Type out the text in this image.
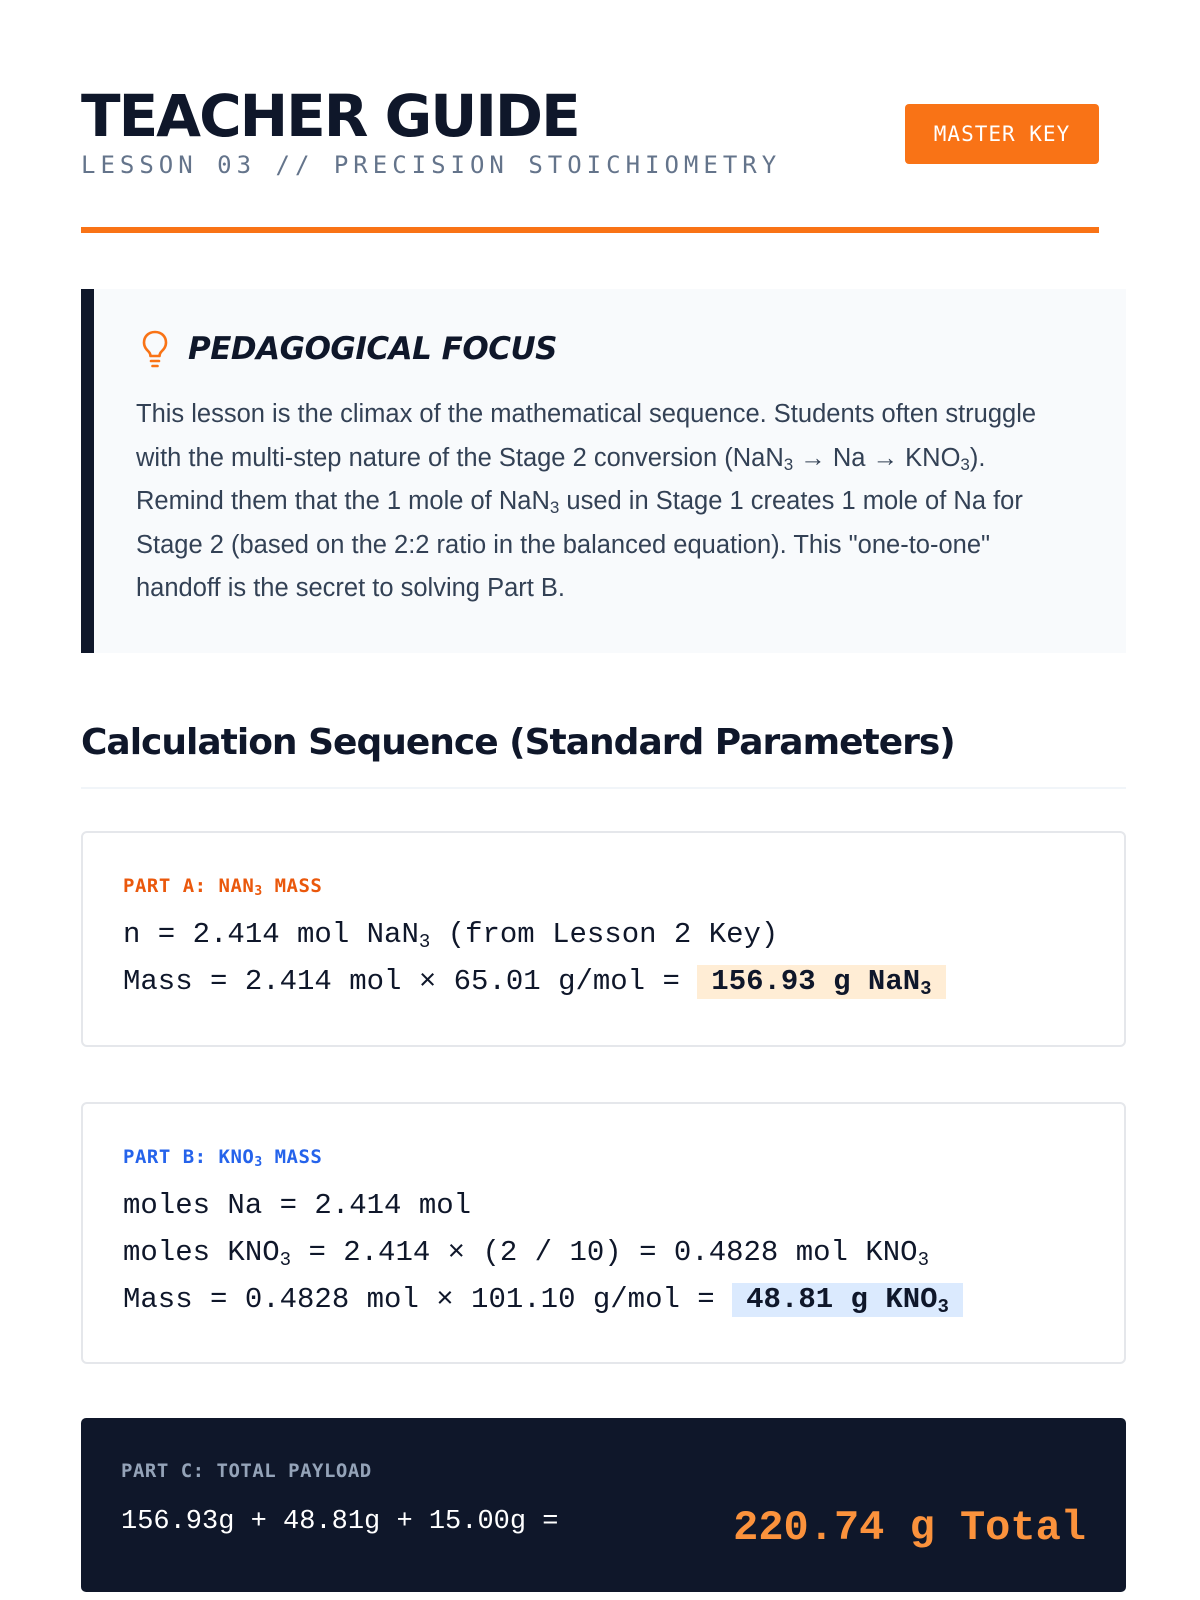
TEACHER GUIDE
LESSON 03 // PRECISION STOICHIOMETRY
MASTER KEY
PEDAGOGICAL FOCUS

This lesson is the climax of the mathematical sequence. Students often struggle with the multi-step nature of the Stage 2 conversion $(NaN_3 \to Na \to KNO_3)$. Remind them that the 1 mole of NaN$_3$ used in Stage 1 creates 1 mole of Na for Stage 2 (based on the 2:2 ratio in the balanced equation). This "one-to-one" handoff is the secret to solving Part B.

Calculation Sequence (Standard Parameters)
PART A: $NAN_3$ MASS
n = 2.414 mol NaN$_3$ (from Lesson 2 Key)
Mass = 2.414 mol × 65.01 g/mol = 156.93 g NaN$_3$
PART B: $KNO_3$ MASS
moles Na = 2.414 mol
moles $KNO_3 = 2.414 \times (2 / 10) = 0.4828$ mol $KNO_3$
Mass = 0.4828 mol × 101.10 g/mol = 48.81 g $KNO_3$
PART C: TOTAL PAYLOAD
156.93g + 48.81g + 15.00g =	220.74 g Total
